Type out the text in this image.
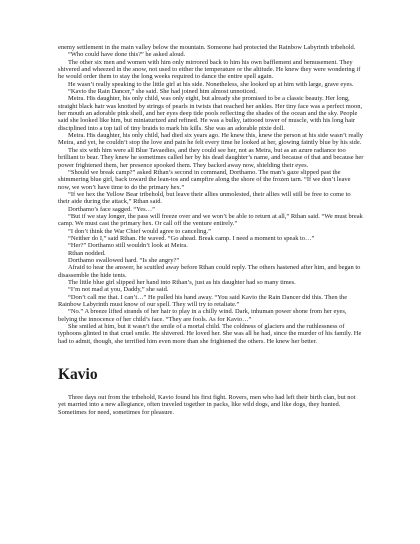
enemy settlement in the main valley below the mountain. Someone had protected the Rainbow Labyrinth tribehold.

“Who could have done this?” he asked aloud.

The other six men and women with him only mirrored back to him his own bafflement and bemusement. They shivered and wheezed in the snow, not used to either the temperature or the altitude. He knew they were wondering if he would order them to stay the long weeks required to dance the entire spell again.

He wasn’t really speaking to the little girl at his side. Nonetheless, she looked up at him with large, grave eyes.

“Kavio the Rain Dancer,” she said. She had joined him almost unnoticed.

Meira. His daughter, his only child, was only eight, but already she promised to be a classic beauty. Her long, straight black hair was knotted by strings of pearls in twists that reached her ankles. Her tiny face was a perfect moon, her mouth an adorable pink shell, and her eyes deep tide pools reflecting the shades of the ocean and the sky. People said she looked like him, but miniaturized and refined. He was a bulky, tattooed tower of muscle, with his long hair disciplined into a top tail of tiny braids to mark his kills. She was an adorable pixie doll.

Meira. His daughter, his only child, had died six years ago. He knew this, knew the person at his side wasn’t really Meira, and yet, he couldn’t stop the love and pain he felt every time he looked at her, glowing faintly blue by his side.

The six with him were all Blue Tavaedies, and they could see her, not as Meira, but as an azure radiance too brilliant to bear. They knew he sometimes called her by his dead daughter’s name, and because of that and because her power frightened them, her presence spooked them. They backed away now, shielding their eyes.

“Should we break camp?” asked Rthan’s second in command, Dorthamo. The man’s gaze slipped past the shimmering blue girl, back toward the lean-tos and campfire along the shore of the frozen tarn. “If we don’t leave now, we won’t have time to do the primary hex.”

“If we hex the Yellow Bear tribehold, but leave their allies unmolested, their allies will still be free to come to their aide during the attack,” Rthan said.

Dorthamo’s face sagged. “Yes…”

“But if we stay longer, the pass will freeze over and we won’t be able to return at all,” Rthan said. “We must break camp. We must cast the primary hex. Or call off the venture entirely.”

“I don’t think the War Chief would agree to canceling.”

“Neither do I,” said Rthan. He waved. “Go ahead. Break camp. I need a moment to speak to…”

“Her?” Dorthamo still wouldn’t look at Meira.

Rthan nodded.

Dorthamo swallowed hard. “Is she angry?”

Afraid to hear the answer, he scuttled away before Rthan could reply. The others hastened after him, and began to disassemble the hide tents.

The little blue girl slipped her hand into Rthan’s, just as his daughter had so many times.

“I’m not mad at you, Daddy,” she said.

“Don’t call me that. I can’t…” He pulled his hand away. “You said Kavio the Rain Dancer did this. Then the Rainbow Labyrinth must know of our spell. They will try to retaliate.”

“No.” A breeze lifted strands of her hair to play in a chilly wind. Dark, inhuman power shone from her eyes, belying the innocence of her child’s face. “They are fools. As for Kavio…”

She smiled at him, but it wasn’t the smile of a mortal child. The coldness of glaciers and the ruthlessness of typhoons glinted in that cruel smile. He shivered. He loved her. She was all he had, since the murder of his family. He had to admit, though, she terrified him even more than she frightened the others. He knew her better.

Kavio

Three days out from the tribehold, Kavio found his first fight. Rovers, men who had left their birth clan, but not yet married into a new allegiance, often traveled together in packs, like wild dogs, and like dogs, they hunted. Sometimes for need, sometimes for pleasure.
